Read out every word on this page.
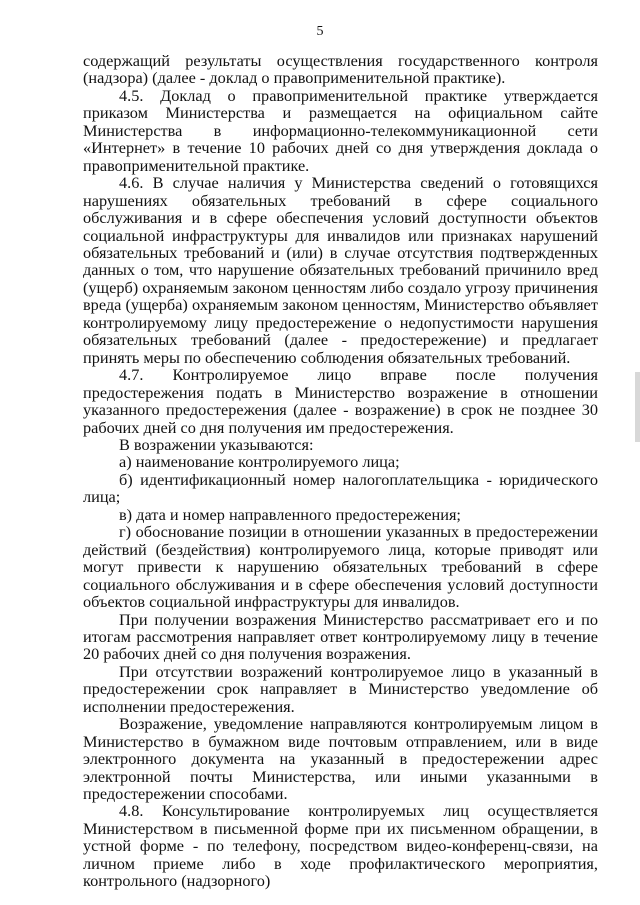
5

содержащий результаты осуществления государственного контроля (надзора) (далее - доклад о правоприменительной практике).

4.5. Доклад о правоприменительной практике утверждается приказом Министерства и размещается на официальном сайте Министерства в информационно-телекоммуникационной сети «Интернет» в течение 10 рабочих дней со дня утверждения доклада о правоприменительной практике.

4.6. В случае наличия у Министерства сведений о готовящихся нарушениях обязательных требований в сфере социального обслуживания и в сфере обеспечения условий доступности объектов социальной инфраструктуры для инвалидов или признаках нарушений обязательных требований и (или) в случае отсутствия подтвержденных данных о том, что нарушение обязательных требований причинило вред (ущерб) охраняемым законом ценностям либо создало угрозу причинения вреда (ущерба) охраняемым законом ценностям, Министерство объявляет контролируемому лицу предостережение о недопустимости нарушения обязательных требований (далее - предостережение) и предлагает принять меры по обеспечению соблюдения обязательных требований.

4.7. Контролируемое лицо вправе после получения предостережения подать в Министерство возражение в отношении указанного предостережения (далее - возражение) в срок не позднее 30 рабочих дней со дня получения им предостережения.

В возражении указываются:

а) наименование контролируемого лица;

б) идентификационный номер налогоплательщика - юридического лица;

в) дата и номер направленного предостережения;

г) обоснование позиции в отношении указанных в предостережении действий (бездействия) контролируемого лица, которые приводят или могут привести к нарушению обязательных требований в сфере социального обслуживания и в сфере обеспечения условий доступности объектов социальной инфраструктуры для инвалидов.

При получении возражения Министерство рассматривает его и по итогам рассмотрения направляет ответ контролируемому лицу в течение 20 рабочих дней со дня получения возражения.

При отсутствии возражений контролируемое лицо в указанный в предостережении срок направляет в Министерство уведомление об исполнении предостережения.

Возражение, уведомление направляются контролируемым лицом в Министерство в бумажном виде почтовым отправлением, или в виде электронного документа на указанный в предостережении адрес электронной почты Министерства, или иными указанными в предостережении способами.

4.8. Консультирование контролируемых лиц осуществляется Министерством в письменной форме при их письменном обращении, в устной форме - по телефону, посредством видео-конференц-связи, на личном приеме либо в ходе профилактического мероприятия, контрольного (надзорного)
